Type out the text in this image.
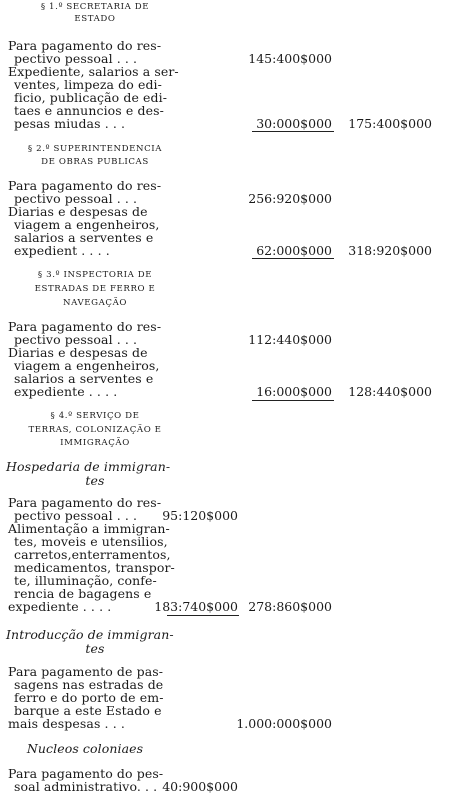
§ 1.º SECRETARIA DE
ESTADO
Para pagamento do res-
pectivo pessoal . . .
Expediente, salarios a ser-
ventes, limpeza do edi-
ficio, publicação de edi-
taes e annuncios e des-
pesas miudas . . .
145:400$000
30:000$000 175:400$000
§ 2.º SUPERINTENDENCIA
DE OBRAS PUBLICAS
Para pagamento do res-
pectivo pessoal . . .
Diarias e despesas de
viagem a engenheiros,
salarios a serventes e
expedient . . . .
256:920$000
62:000$000 318:920$000
§ 3.º INSPECTORIA DE
ESTRADAS DE FERRO E
NAVEGAÇÃO
Para pagamento do res-
pectivo pessoal . . .
Diarias e despesas de
viagem a engenheiros,
salarios a serventes e
expediente . . . .
112:440$000
16:000$000 128:440$000
§ 4.º SERVIÇO DE
TERRAS, COLONIZAÇÃO E
IMMIGRAÇÃO
Hospedaria de immigran-
tes
Para pagamento do res-
pectivo pessoal . . .
Alimentação a immigran-
tes, moveis e utensilios,
carretos,enterramentos,
medicamentos, transpor-
te, illuminação, confe-
rencia de bagagens e
expediente . . . .
95:120$000
183:740$000 278:860$000
Introducção de immigran-
tes
Para pagamento de pas-
sagens nas estradas de
ferro e do porto de em-
barque a este Estado e
mais despesas . . .	1.000:000$000
Nucleos coloniaes
Para pagamento do pes-
soal administrativo. . . 40:900$000
